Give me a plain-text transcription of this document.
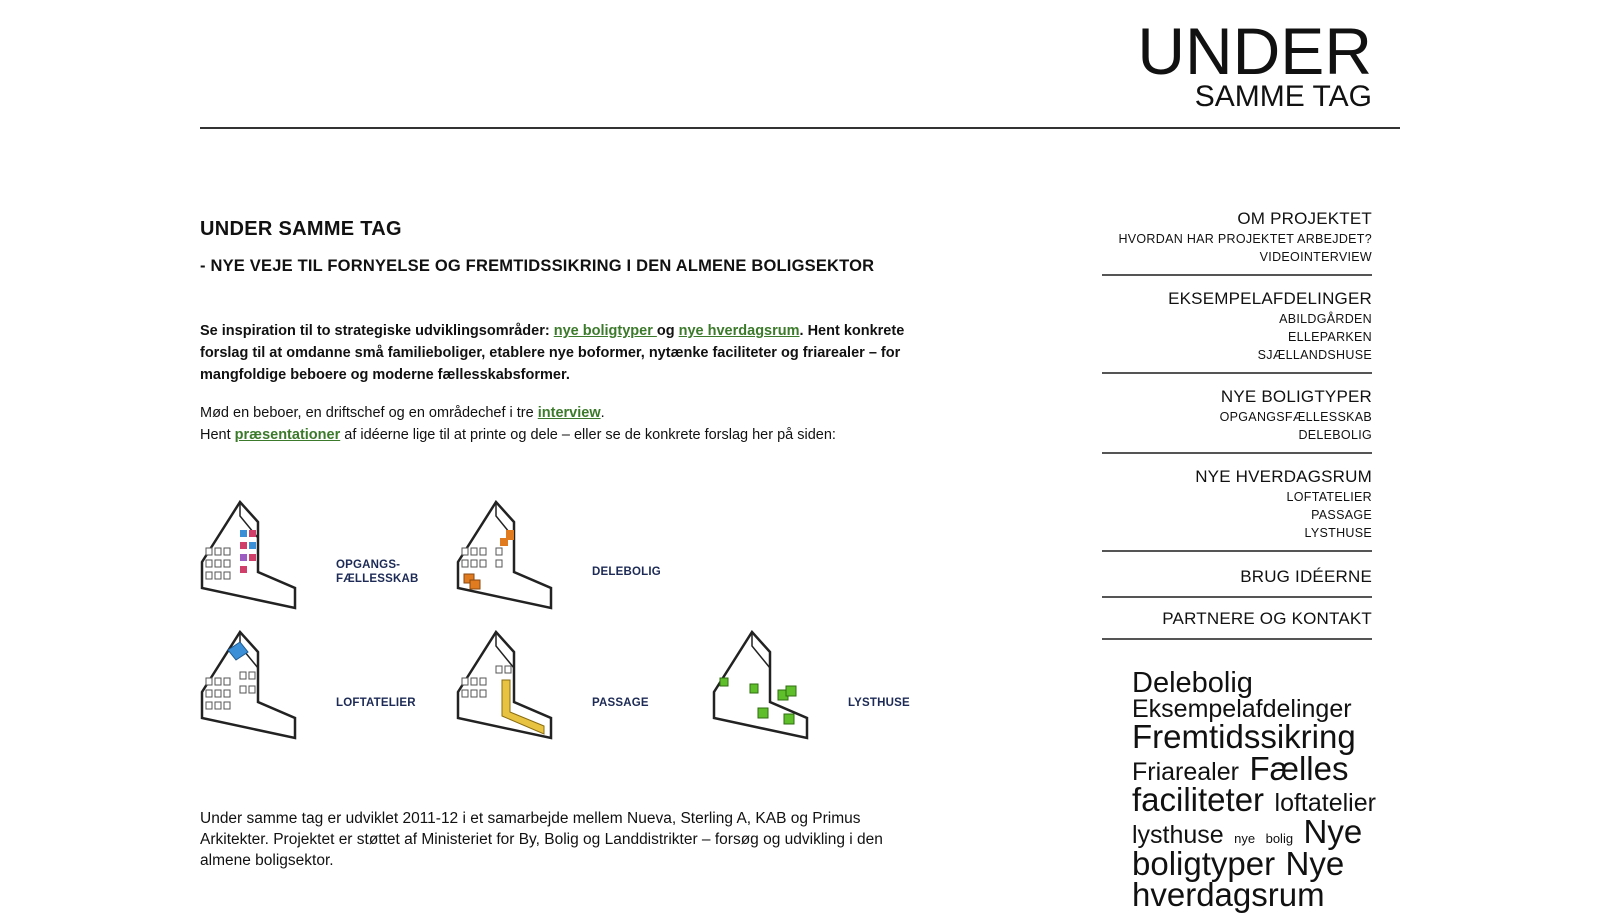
UNDER
SAMME TAG
UNDER SAMME TAG
- NYE VEJE TIL FORNYELSE OG FREMTIDSSIKRING I DEN ALMENE BOLIGSEKTOR

Se inspiration til to strategiske udviklingsområder: nye boligtyper og nye hverdagsrum. Hent konkrete forslag til at omdanne små familieboliger, etablere nye boformer, nytænke faciliteter og friarealer – for mangfoldige beboere og moderne fællesskabsformer.

Mød en beboer, en driftschef og en områdechef i tre interview.
Hent præsentationer af idéerne lige til at printe og dele – eller se de konkrete forslag her på siden:
OPGANGS-
FÆLLESSKAB
DELEBOLIG
LOFTATELIER	PASSAGE	LYSTHUSE
Under samme tag er udviklet 2011-12 i et samarbejde mellem Nueva, Sterling A, KAB og Primus Arkitekter. Projektet er støttet af Ministeriet for By, Bolig og Landdistrikter – forsøg og udvikling i den almene boligsektor.
OM PROJEKTET
HVORDAN HAR PROJEKTET ARBEJDET?
VIDEOINTERVIEW
EKSEMPELAFDELINGER
ABILDGÅRDEN
ELLEPARKEN
SJÆLLANDSHUSE
NYE BOLIGTYPER
OPGANGSFÆLLESSKAB
DELEBOLIG
NYE HVERDAGSRUM
LOFTATELIER
PASSAGE
LYSTHUSE
BRUG IDÉERNE
PARTNERE OG KONTAKT
Delebolig
Eksempelafdelinger
Fremtidssikring
Friarealer Fælles
faciliteter loftatelier
lysthuse nye bolig Nye
boligtyper Nye
hverdagsrum
